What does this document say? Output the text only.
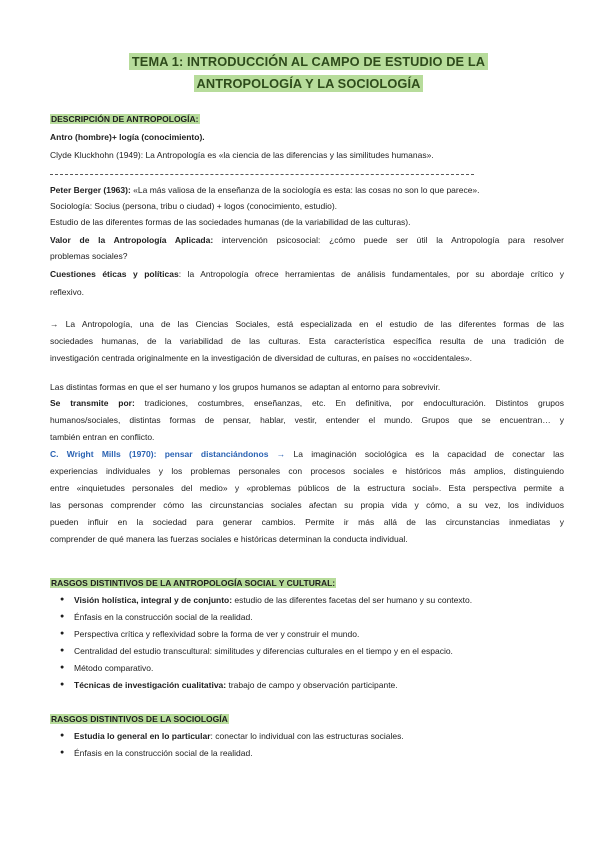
TEMA 1: INTRODUCCIÓN AL CAMPO DE ESTUDIO DE LA
ANTROPOLOGÍA Y LA SOCIOLOGÍA
DESCRIPCIÓN DE ANTROPOLOGÍA:
Antro (hombre)+ logía (conocimiento).
Clyde Kluckhohn (1949): La Antropología es «la ciencia de las diferencias y las similitudes humanas».
Peter Berger (1963): «La más valiosa de la enseñanza de la sociología es esta: las cosas no son lo que parece».
Sociología: Socius (persona, tribu o ciudad) + logos (conocimiento, estudio).
Estudio de las diferentes formas de las sociedades humanas (de la variabilidad de las culturas).
Valor de la Antropología Aplicada: intervención psicosocial: ¿cómo puede ser útil la Antropología para resolver
problemas sociales?
Cuestiones éticas y políticas: la Antropología ofrece herramientas de análisis fundamentales, por su abordaje crítico y
reflexivo.
→ La Antropología, una de las Ciencias Sociales, está especializada en el estudio de las diferentes formas de las
sociedades humanas, de la variabilidad de las culturas. Esta característica específica resulta de una tradición de
investigación centrada originalmente en la investigación de diversidad de culturas, en países no «occidentales».
Las distintas formas en que el ser humano y los grupos humanos se adaptan al entorno para sobrevivir.
Se transmite por: tradiciones, costumbres, enseñanzas, etc. En definitiva, por endoculturación. Distintos grupos
humanos/sociales, distintas formas de pensar, hablar, vestir, entender el mundo. Grupos que se encuentran… y
también entran en conflicto.
C. Wright Mills (1970): pensar distanciándonos → La imaginación sociológica es la capacidad de conectar las
experiencias individuales y los problemas personales con procesos sociales e históricos más amplios, distinguiendo
entre «inquietudes personales del medio» y «problemas públicos de la estructura social». Esta perspectiva permite a
las personas comprender cómo las circunstancias sociales afectan su propia vida y cómo, a su vez, los individuos
pueden influir en la sociedad para generar cambios. Permite ir más allá de las circunstancias inmediatas y
comprender de qué manera las fuerzas sociales e históricas determinan la conducta individual.
RASGOS DISTINTIVOS DE LA ANTROPOLOGÍA SOCIAL Y CULTURAL:
● Visión holística, integral y de conjunto: estudio de las diferentes facetas del ser humano y su contexto.
● Énfasis en la construcción social de la realidad.
● Perspectiva crítica y reflexividad sobre la forma de ver y construir el mundo.
● Centralidad del estudio transcultural: similitudes y diferencias culturales en el tiempo y en el espacio.
● Método comparativo.
● Técnicas de investigación cualitativa: trabajo de campo y observación participante.
RASGOS DISTINTIVOS DE LA SOCIOLOGÍA
● Estudia lo general en lo particular: conectar lo individual con las estructuras sociales.
● Énfasis en la construcción social de la realidad.
